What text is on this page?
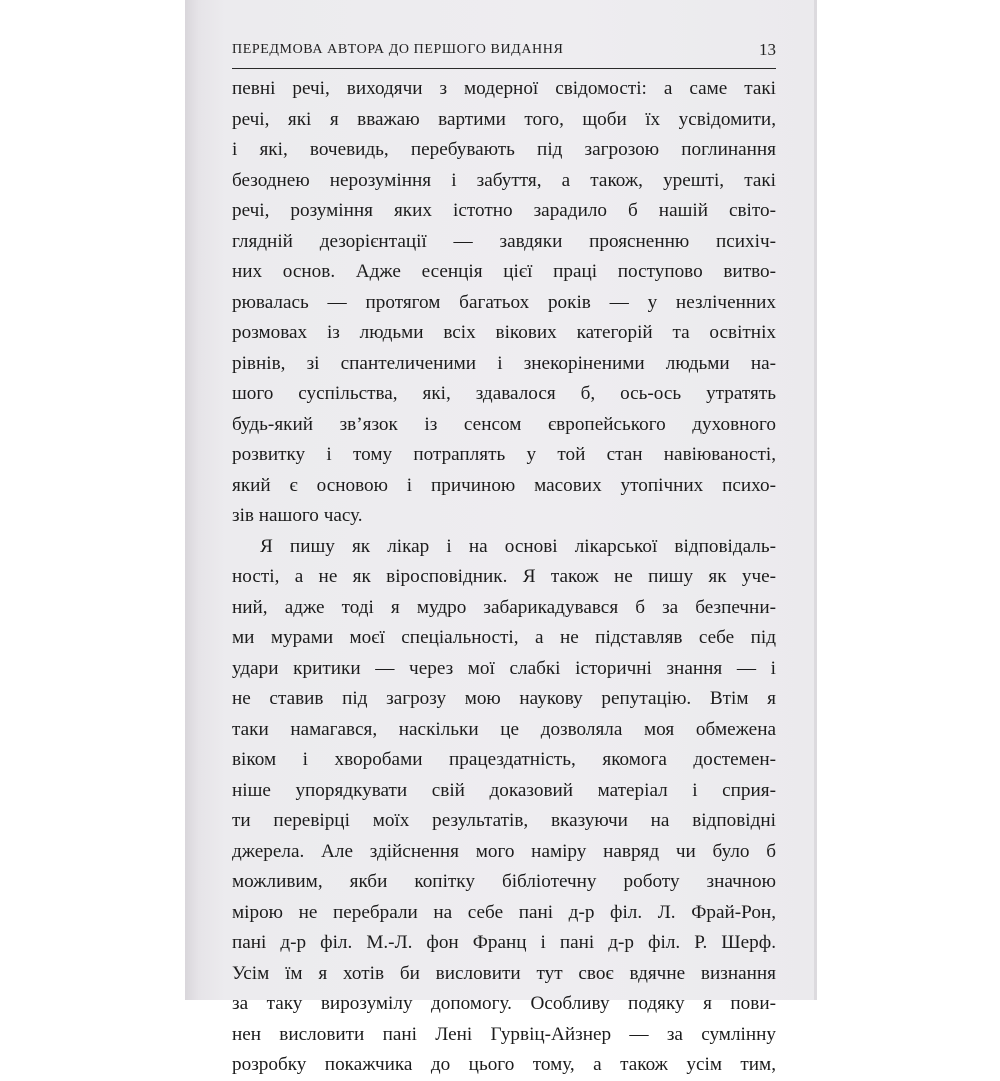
ПЕРЕДМОВА АВТОРА ДО ПЕРШОГО ВИДАННЯ	13
певні речі, виходячи з модерної свідомості: а саме такі
речі, які я вважаю вартими того, щоби їх усвідомити,
і які, вочевидь, перебувають під загрозою поглинання
безоднею нерозуміння і забуття, а також, урешті, такі
речі, розуміння яких істотно зарадило б нашій світо-
глядній дезорієнтації — завдяки проясненню психіч-
них основ. Адже есенція цієї праці поступово витво-
рювалась — протягом багатьох років — у незліченних
розмовах із людьми всіх вікових категорій та освітніх
рівнів, зі спантеличеними і знекоріненими людьми на-
шого суспільства, які, здавалося б, ось-ось утратять
будь-який зв’язок із сенсом європейського духовного
розвитку і тому потраплять у той стан навіюваності,
який є основою і причиною масових утопічних психо-
зів нашого часу.
Я пишу як лікар і на основі лікарської відповідаль-
ності, а не як віросповідник. Я також не пишу як учe-
ний, адже тоді я мудро забарикадувався б за безпечни-
ми мурами моєї спеціальності, а не підставляв себе під
удари критики — через мої слабкі історичні знання — і
не ставив під загрозу мою наукову репутацію. Втім я
таки намагався, наскільки це дозволяла моя обмежена
віком і хворобами працездатність, якомога достемен-
ніше упорядкувати свій доказовий матеріал і сприя-
ти перевірці моїх результатів, вказуючи на відповідні
джерела. Але здійснення мого наміру навряд чи було б
можливим, якби копітку бібліотечну роботу значною
мірою не перебрали на себе пані д-р філ. Л. Фрай-Рон,
пані д-р філ. М.-Л. фон Франц і пані д-р філ. Р. Шерф.
Усім їм я хотів би висловити тут своє вдячне визнання
за таку вирозумілу допомогу. Особливу подяку я пови-
нен висловити пані Лені Гурвіц-Айзнер — за сумлінну
розробку покажчика до цього тому, а також усім тим,
